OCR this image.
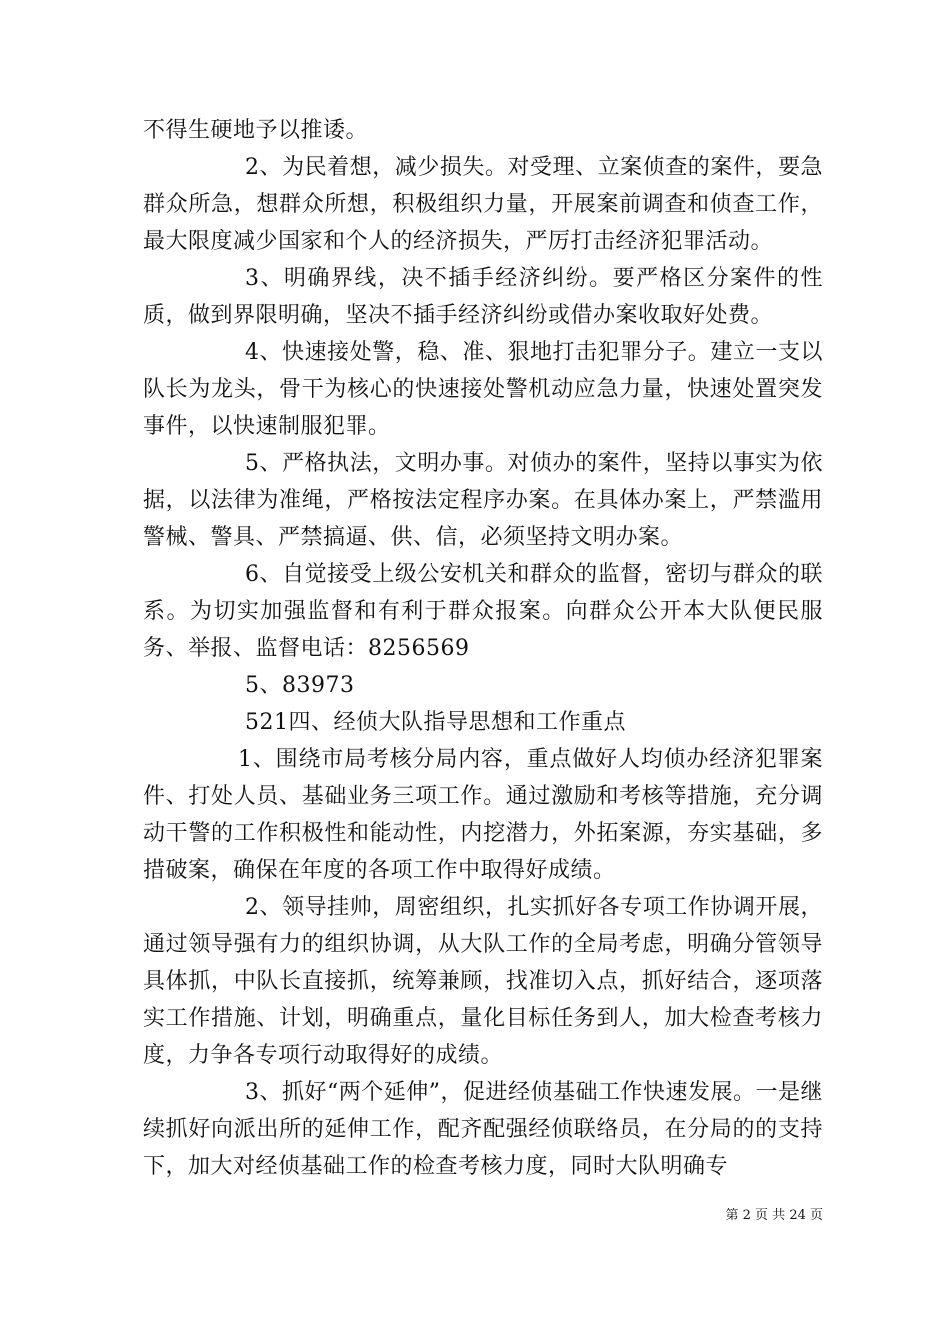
不得生硬地予以推诿。

2、为民着想，减少损失。对受理、立案侦查的案件，要急群众所急，想群众所想，积极组织力量，开展案前调查和侦查工作，最大限度减少国家和个人的经济损失，严厉打击经济犯罪活动。

3、明确界线，决不插手经济纠纷。要严格区分案件的性质，做到界限明确，坚决不插手经济纠纷或借办案收取好处费。

4、快速接处警，稳、准、狠地打击犯罪分子。建立一支以队长为龙头，骨干为核心的快速接处警机动应急力量，快速处置突发事件，以快速制服犯罪。

5、严格执法，文明办事。对侦办的案件，坚持以事实为依据，以法律为准绳，严格按法定程序办案。在具体办案上，严禁滥用警械、警具、严禁搞逼、供、信，必须坚持文明办案。

6、自觉接受上级公安机关和群众的监督，密切与群众的联系。为切实加强监督和有利于群众报案。向群众公开本大队便民服务、举报、监督电话：8256569

5、83973

521四、经侦大队指导思想和工作重点

1、围绕市局考核分局内容，重点做好人均侦办经济犯罪案件、打处人员、基础业务三项工作。通过激励和考核等措施，充分调动干警的工作积极性和能动性，内挖潜力，外拓案源，夯实基础，多措破案，确保在年度的各项工作中取得好成绩。

2、领导挂帅，周密组织，扎实抓好各专项工作协调开展，通过领导强有力的组织协调，从大队工作的全局考虑，明确分管领导具体抓，中队长直接抓，统筹兼顾，找准切入点，抓好结合，逐项落实工作措施、计划，明确重点，量化目标任务到人，加大检查考核力度，力争各专项行动取得好的成绩。

3、抓好“两个延伸”，促进经侦基础工作快速发展。一是继续抓好向派出所的延伸工作，配齐配强经侦联络员，在分局的的支持下，加大对经侦基础工作的检查考核力度，同时大队明确专

第 2 页 共 24 页
